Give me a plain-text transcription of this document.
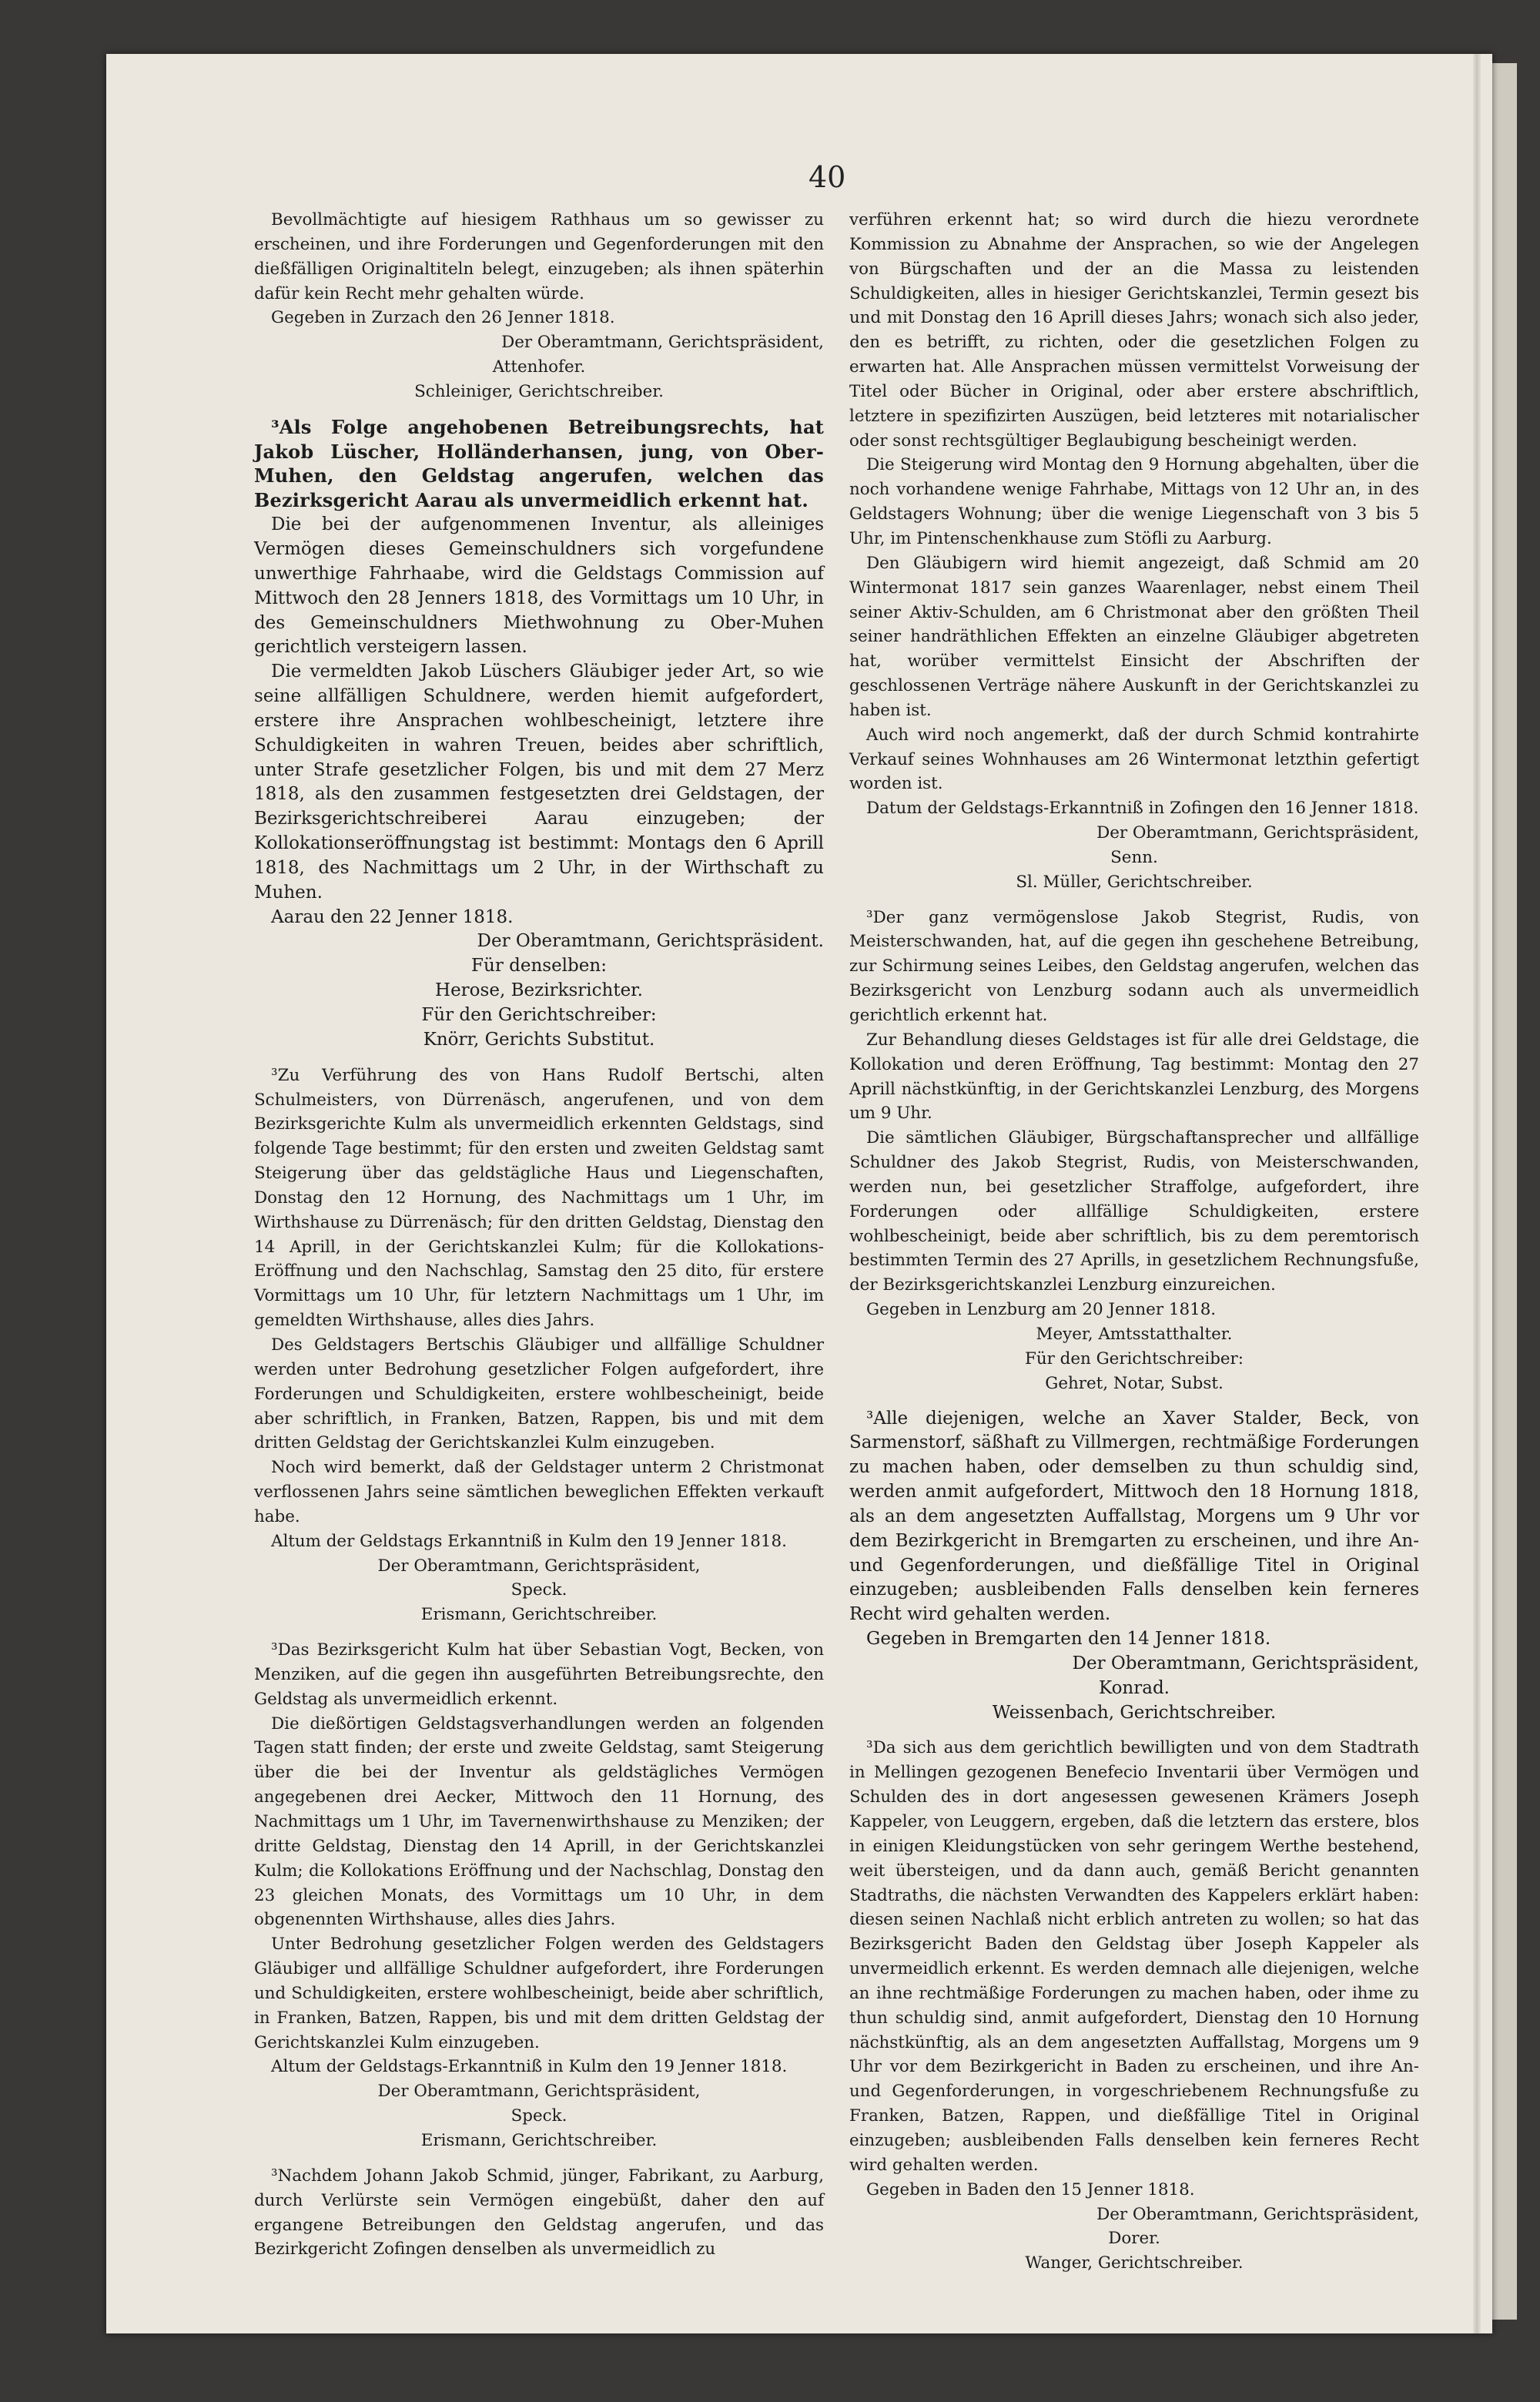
40

Bevollmächtigte auf hiesigem Rathhaus um so gewisser zu erscheinen, und ihre Forderungen und Gegenforderungen mit den dießfälligen Originaltiteln belegt, einzugeben; als ihnen späterhin dafür kein Recht mehr gehalten würde.

Gegeben in Zurzach den 26 Jenner 1818.

Der Oberamtmann, Gerichtspräsident,

Attenhofer.

Schleiniger, Gerichtschreiber.

³Als Folge angehobenen Betreibungsrechts, hat Jakob Lüscher, Holländerhansen, jung, von Ober-Muhen, den Geldstag angerufen, welchen das Bezirksgericht Aarau als unvermeidlich erkennt hat.

Die bei der aufgenommenen Inventur, als alleiniges Vermögen dieses Gemeinschuldners sich vorgefundene unwerthige Fahrhaabe, wird die Geldstags Commission auf Mittwoch den 28 Jenners 1818, des Vormittags um 10 Uhr, in des Gemeinschuldners Miethwohnung zu Ober-Muhen gerichtlich versteigern lassen.

Die vermeldten Jakob Lüschers Gläubiger jeder Art, so wie seine allfälligen Schuldnere, werden hiemit aufgefordert, erstere ihre Ansprachen wohlbescheinigt, letztere ihre Schuldigkeiten in wahren Treuen, beides aber schriftlich, unter Strafe gesetzlicher Folgen, bis und mit dem 27 Merz 1818, als den zusammen festgesetzten drei Geldstagen, der Bezirksgerichtschreiberei Aarau einzugeben; der Kollokationseröffnungstag ist bestimmt: Montags den 6 Aprill 1818, des Nachmittags um 2 Uhr, in der Wirthschaft zu Muhen.

Aarau den 22 Jenner 1818.

Der Oberamtmann, Gerichtspräsident.

Für denselben:

Herose, Bezirksrichter.

Für den Gerichtschreiber:

Knörr, Gerichts Substitut.

³Zu Verführung des von Hans Rudolf Bertschi, alten Schulmeisters, von Dürrenäsch, angerufenen, und von dem Bezirksgerichte Kulm als unvermeidlich erkennten Geldstags, sind folgende Tage bestimmt; für den ersten und zweiten Geldstag samt Steigerung über das geldstägliche Haus und Liegenschaften, Donstag den 12 Hornung, des Nachmittags um 1 Uhr, im Wirthshause zu Dürrenäsch; für den dritten Geldstag, Dienstag den 14 Aprill, in der Gerichtskanzlei Kulm; für die Kollokations-Eröffnung und den Nachschlag, Samstag den 25 dito, für erstere Vormittags um 10 Uhr, für letztern Nachmittags um 1 Uhr, im gemeldten Wirthshause, alles dies Jahrs.

Des Geldstagers Bertschis Gläubiger und allfällige Schuldner werden unter Bedrohung gesetzlicher Folgen aufgefordert, ihre Forderungen und Schuldigkeiten, erstere wohlbescheinigt, beide aber schriftlich, in Franken, Batzen, Rappen, bis und mit dem dritten Geldstag der Gerichtskanzlei Kulm einzugeben.

Noch wird bemerkt, daß der Geldstager unterm 2 Christmonat verflossenen Jahrs seine sämtlichen beweglichen Effekten verkauft habe.

Altum der Geldstags Erkanntniß in Kulm den 19 Jenner 1818.

Der Oberamtmann, Gerichtspräsident,

Speck.

Erismann, Gerichtschreiber.

³Das Bezirksgericht Kulm hat über Sebastian Vogt, Becken, von Menziken, auf die gegen ihn ausgeführten Betreibungsrechte, den Geldstag als unvermeidlich erkennt.

Die dießörtigen Geldstagsverhandlungen werden an folgenden Tagen statt finden; der erste und zweite Geldstag, samt Steigerung über die bei der Inventur als geldstägliches Vermögen angegebenen drei Aecker, Mittwoch den 11 Hornung, des Nachmittags um 1 Uhr, im Tavernenwirthshause zu Menziken; der dritte Geldstag, Dienstag den 14 Aprill, in der Gerichtskanzlei Kulm; die Kollokations Eröffnung und der Nachschlag, Donstag den 23 gleichen Monats, des Vormittags um 10 Uhr, in dem obgenennten Wirthshause, alles dies Jahrs.

Unter Bedrohung gesetzlicher Folgen werden des Geldstagers Gläubiger und allfällige Schuldner aufgefordert, ihre Forderungen und Schuldigkeiten, erstere wohlbescheinigt, beide aber schriftlich, in Franken, Batzen, Rappen, bis und mit dem dritten Geldstag der Gerichtskanzlei Kulm einzugeben.

Altum der Geldstags-Erkanntniß in Kulm den 19 Jenner 1818.

Der Oberamtmann, Gerichtspräsident,

Speck.

Erismann, Gerichtschreiber.

³Nachdem Johann Jakob Schmid, jünger, Fabrikant, zu Aarburg, durch Verlürste sein Vermögen eingebüßt, daher den auf ergangene Betreibungen den Geldstag angerufen, und das Bezirkgericht Zofingen denselben als unvermeidlich zu

verführen erkennt hat; so wird durch die hiezu verordnete Kommission zu Abnahme der Ansprachen, so wie der Angelegen von Bürgschaften und der an die Massa zu leistenden Schuldigkeiten, alles in hiesiger Gerichtskanzlei, Termin gesezt bis und mit Donstag den 16 Aprill dieses Jahrs; wonach sich also jeder, den es betrifft, zu richten, oder die gesetzlichen Folgen zu erwarten hat. Alle Ansprachen müssen vermittelst Vorweisung der Titel oder Bücher in Original, oder aber erstere abschriftlich, letztere in spezifizirten Auszügen, beid letzteres mit notarialischer oder sonst rechtsgültiger Beglaubigung bescheinigt werden.

Die Steigerung wird Montag den 9 Hornung abgehalten, über die noch vorhandene wenige Fahrhabe, Mittags von 12 Uhr an, in des Geldstagers Wohnung; über die wenige Liegenschaft von 3 bis 5 Uhr, im Pintenschenkhause zum Stöfli zu Aarburg.

Den Gläubigern wird hiemit angezeigt, daß Schmid am 20 Wintermonat 1817 sein ganzes Waarenlager, nebst einem Theil seiner Aktiv-Schulden, am 6 Christmonat aber den größten Theil seiner handräthlichen Effekten an einzelne Gläubiger abgetreten hat, worüber vermittelst Einsicht der Abschriften der geschlossenen Verträge nähere Auskunft in der Gerichtskanzlei zu haben ist.

Auch wird noch angemerkt, daß der durch Schmid kontrahirte Verkauf seines Wohnhauses am 26 Wintermonat letzthin gefertigt worden ist.

Datum der Geldstags-Erkanntniß in Zofingen den 16 Jenner 1818.

Der Oberamtmann, Gerichtspräsident,

Senn.

Sl. Müller, Gerichtschreiber.

³Der ganz vermögenslose Jakob Stegrist, Rudis, von Meisterschwanden, hat, auf die gegen ihn geschehene Betreibung, zur Schirmung seines Leibes, den Geldstag angerufen, welchen das Bezirksgericht von Lenzburg sodann auch als unvermeidlich gerichtlich erkennt hat.

Zur Behandlung dieses Geldstages ist für alle drei Geldstage, die Kollokation und deren Eröffnung, Tag bestimmt: Montag den 27 Aprill nächstkünftig, in der Gerichtskanzlei Lenzburg, des Morgens um 9 Uhr.

Die sämtlichen Gläubiger, Bürgschaftansprecher und allfällige Schuldner des Jakob Stegrist, Rudis, von Meisterschwanden, werden nun, bei gesetzlicher Straffolge, aufgefordert, ihre Forderungen oder allfällige Schuldigkeiten, erstere wohlbescheinigt, beide aber schriftlich, bis zu dem peremtorisch bestimmten Termin des 27 Aprills, in gesetzlichem Rechnungsfuße, der Bezirksgerichtskanzlei Lenzburg einzureichen.

Gegeben in Lenzburg am 20 Jenner 1818.

Meyer, Amtsstatthalter.

Für den Gerichtschreiber:

Gehret, Notar, Subst.

³Alle diejenigen, welche an Xaver Stalder, Beck, von Sarmenstorf, säßhaft zu Villmergen, rechtmäßige Forderungen zu machen haben, oder demselben zu thun schuldig sind, werden anmit aufgefordert, Mittwoch den 18 Hornung 1818, als an dem angesetzten Auffallstag, Morgens um 9 Uhr vor dem Bezirkgericht in Bremgarten zu erscheinen, und ihre An- und Gegenforderungen, und dießfällige Titel in Original einzugeben; ausbleibenden Falls denselben kein ferneres Recht wird gehalten werden.

Gegeben in Bremgarten den 14 Jenner 1818.

Der Oberamtmann, Gerichtspräsident,

Konrad.

Weissenbach, Gerichtschreiber.

³Da sich aus dem gerichtlich bewilligten und von dem Stadtrath in Mellingen gezogenen Benefecio Inventarii über Vermögen und Schulden des in dort angesessen gewesenen Krämers Joseph Kappeler, von Leuggern, ergeben, daß die letztern das erstere, blos in einigen Kleidungstücken von sehr geringem Werthe bestehend, weit übersteigen, und da dann auch, gemäß Bericht genannten Stadtraths, die nächsten Verwandten des Kappelers erklärt haben: diesen seinen Nachlaß nicht erblich antreten zu wollen; so hat das Bezirksgericht Baden den Geldstag über Joseph Kappeler als unvermeidlich erkennt. Es werden demnach alle diejenigen, welche an ihne rechtmäßige Forderungen zu machen haben, oder ihme zu thun schuldig sind, anmit aufgefordert, Dienstag den 10 Hornung nächstkünftig, als an dem angesetzten Auffallstag, Morgens um 9 Uhr vor dem Bezirkgericht in Baden zu erscheinen, und ihre An- und Gegenforderungen, in vorgeschriebenem Rechnungsfuße zu Franken, Batzen, Rappen, und dießfällige Titel in Original einzugeben; ausbleibenden Falls denselben kein ferneres Recht wird gehalten werden.

Gegeben in Baden den 15 Jenner 1818.

Der Oberamtmann, Gerichtspräsident,

Dorer.

Wanger, Gerichtschreiber.
